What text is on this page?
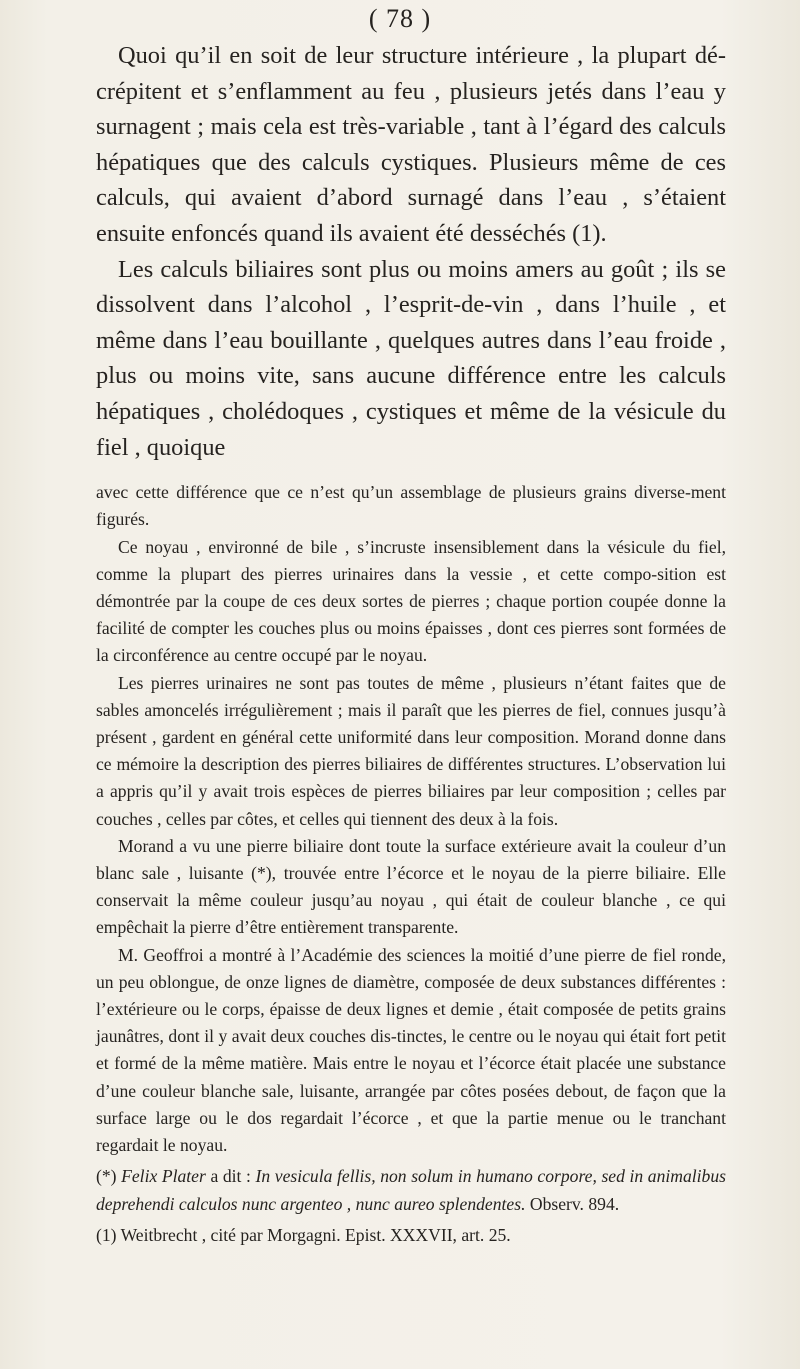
( 78 )

Quoi qu’il en soit de leur structure intérieure , la plupart dé-crépitent et s’enflamment au feu , plusieurs jetés dans l’eau y surnagent ; mais cela est très-variable , tant à l’égard des calculs hépatiques que des calculs cystiques. Plusieurs même de ces calculs, qui avaient d’abord surnagé dans l’eau , s’étaient ensuite enfoncés quand ils avaient été desséchés (1).

Les calculs biliaires sont plus ou moins amers au goût ; ils se dissolvent dans l’alcohol , l’esprit-de-vin , dans l’huile , et même dans l’eau bouillante , quelques autres dans l’eau froide , plus ou moins vite, sans aucune différence entre les calculs hépatiques , cholédoques , cystiques et même de la vésicule du fiel , quoique

avec cette différence que ce n’est qu’un assemblage de plusieurs grains diverse-ment figurés.

Ce noyau , environné de bile , s’incruste insensiblement dans la vésicule du fiel, comme la plupart des pierres urinaires dans la vessie , et cette compo-sition est démontrée par la coupe de ces deux sortes de pierres ; chaque portion coupée donne la facilité de compter les couches plus ou moins épaisses , dont ces pierres sont formées de la circonférence au centre occupé par le noyau.

Les pierres urinaires ne sont pas toutes de même , plusieurs n’étant faites que de sables amoncelés irrégulièrement ; mais il paraît que les pierres de fiel, connues jusqu’à présent , gardent en général cette uniformité dans leur composition. Morand donne dans ce mémoire la description des pierres biliaires de différentes structures. L’observation lui a appris qu’il y avait trois espèces de pierres biliaires par leur composition ; celles par couches , celles par côtes, et celles qui tiennent des deux à la fois.

Morand a vu une pierre biliaire dont toute la surface extérieure avait la couleur d’un blanc sale , luisante (*), trouvée entre l’écorce et le noyau de la pierre biliaire. Elle conservait la même couleur jusqu’au noyau , qui était de couleur blanche , ce qui empêchait la pierre d’être entièrement transparente.

M. Geoffroi a montré à l’Académie des sciences la moitié d’une pierre de fiel ronde, un peu oblongue, de onze lignes de diamètre, composée de deux substances différentes : l’extérieure ou le corps, épaisse de deux lignes et demie , était composée de petits grains jaunâtres, dont il y avait deux couches dis-tinctes, le centre ou le noyau qui était fort petit et formé de la même matière. Mais entre le noyau et l’écorce était placée une substance d’une couleur blanche sale, luisante, arrangée par côtes posées debout, de façon que la surface large ou le dos regardait l’écorce , et que la partie menue ou le tranchant regardait le noyau.

(*) Felix Plater a dit : In vesicula fellis, non solum in humano corpore, sed in animalibus deprehendi calculos nunc argenteo , nunc aureo splendentes. Observ. 894.

(1) Weitbrecht , cité par Morgagni. Epist. XXXVII, art. 25.
